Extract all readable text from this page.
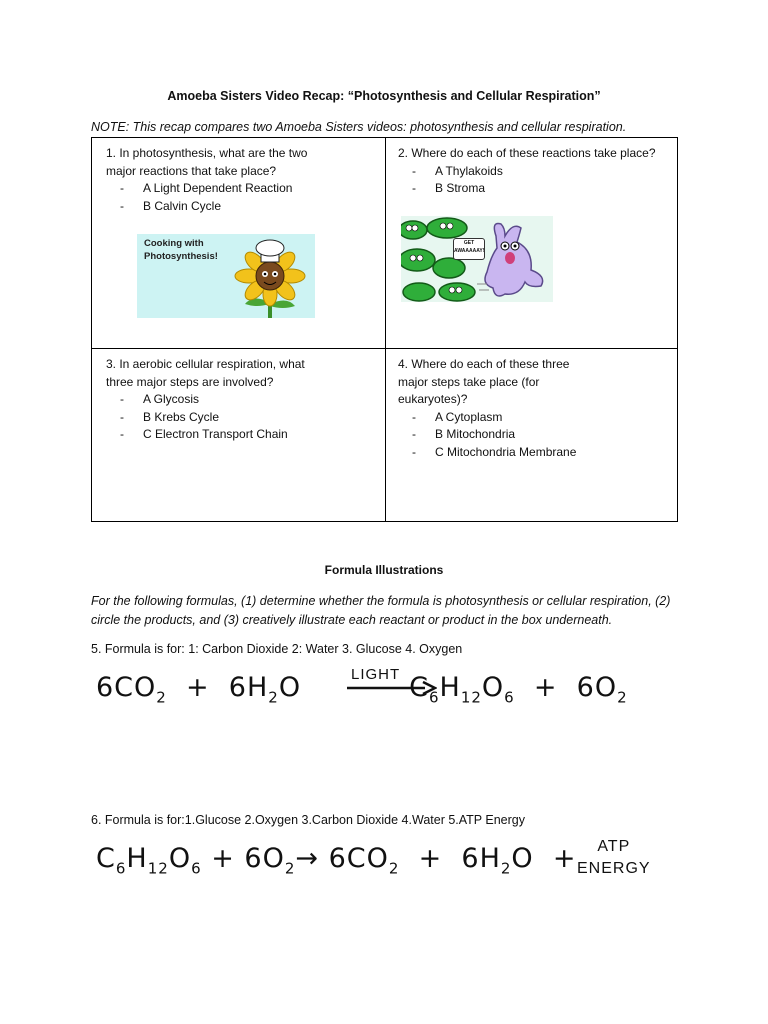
Amoeba Sisters Video Recap: “Photosynthesis and Cellular Respiration”
NOTE: This recap compares two Amoeba Sisters videos: photosynthesis and cellular respiration.
1. In photosynthesis, what are the two
major reactions that take place?
- A Light Dependent Reaction
- B Calvin Cycle
Cooking with
Photosynthesis!
2. Where do each of these reactions take place?
- A Thylakoids
- B Stroma
GET
AWAAAAAY!
3. In aerobic cellular respiration, what
three major steps are involved?
- A Glycosis
- B Krebs Cycle
- C Electron Transport Chain
4. Where do each of these three
major steps take place (for
eukaryotes)?
- A Cytoplasm
- B Mitochondria
- C Mitochondria Membrane
Formula Illustrations
For the following formulas, (1) determine whether the formula is photosynthesis or cellular respiration, (2) circle the products, and (3) creatively illustrate each reactant or product in the box underneath.
5. Formula is for: 1: Carbon Dioxide 2: Water 3. Glucose 4. Oxygen
$6CO_2 + 6H_2O$	$C_6H_{12}O_6 + 6O_2$
LIGHT
6. Formula is for:1.Glucose 2.Oxygen 3.Carbon Dioxide 4.Water 5.ATP Energy
$C_6H_{12}O_6 + 6O_2\to 6CO_2 + 6H_2O$  +	ATP
ENERGY
